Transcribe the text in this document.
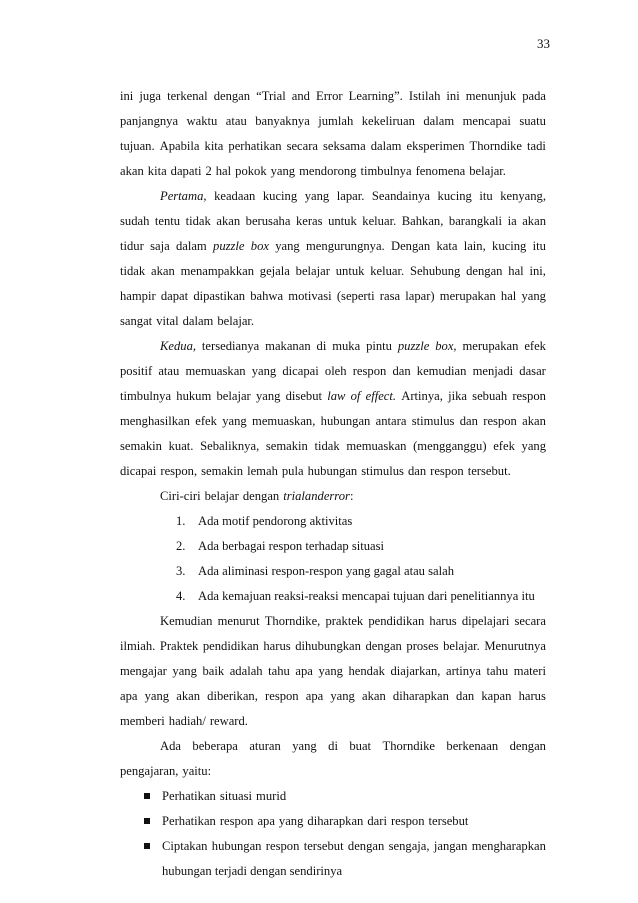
33
ini juga terkenal dengan “Trial and Error Learning”. Istilah ini menunjuk pada
panjangnya waktu atau banyaknya jumlah kekeliruan dalam mencapai suatu
tujuan. Apabila kita perhatikan secara seksama dalam eksperimen Thorndike tadi
akan kita dapati 2 hal pokok yang mendorong timbulnya fenomena belajar.
Pertama, keadaan kucing yang lapar. Seandainya kucing itu kenyang,
sudah tentu tidak akan berusaha keras untuk keluar. Bahkan, barangkali ia akan
tidur saja dalam puzzle box yang mengurungnya. Dengan kata lain, kucing itu
tidak akan menampakkan gejala belajar untuk keluar. Sehubung dengan hal ini,
hampir dapat dipastikan bahwa motivasi (seperti rasa lapar) merupakan hal yang
sangat vital dalam belajar.
Kedua, tersedianya makanan di muka pintu puzzle box, merupakan efek
positif atau memuaskan yang dicapai oleh respon dan kemudian menjadi dasar
timbulnya hukum belajar yang disebut law of effect. Artinya, jika sebuah respon
menghasilkan efek yang memuaskan, hubungan antara stimulus dan respon akan
semakin kuat. Sebaliknya, semakin tidak memuaskan (mengganggu) efek yang
dicapai respon, semakin lemah pula hubungan stimulus dan respon tersebut.
Ciri-ciri belajar dengan trial and error :
1. Ada motif pendorong aktivitas
2. Ada berbagai respon terhadap situasi
3. Ada aliminasi respon-respon yang gagal atau salah
4. Ada kemajuan reaksi-reaksi mencapai tujuan dari penelitiannya itu
Kemudian menurut Thorndike, praktek pendidikan harus dipelajari secara
ilmiah. Praktek pendidikan harus dihubungkan dengan proses belajar. Menurutnya
mengajar yang baik adalah tahu apa yang hendak diajarkan, artinya tahu materi
apa yang akan diberikan, respon apa yang akan diharapkan dan kapan harus
memberi hadiah/ reward.
Ada beberapa aturan yang di buat Thorndike berkenaan dengan
pengajaran, yaitu:
Perhatikan situasi murid
Perhatikan respon apa yang diharapkan dari respon tersebut
Ciptakan hubungan respon tersebut dengan sengaja, jangan mengharapkan
hubungan terjadi dengan sendirinya
